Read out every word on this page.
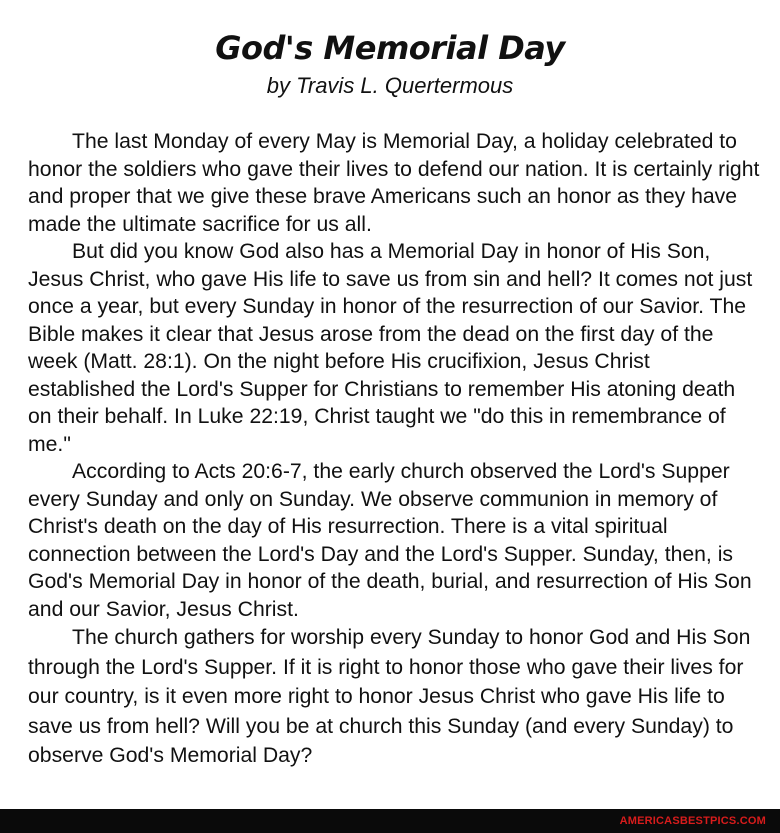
God's Memorial Day
by Travis L. Quertermous

The last Monday of every May is Memorial Day, a holiday celebrated to honor the soldiers who gave their lives to defend our nation. It is certainly right and proper that we give these brave Americans such an honor as they have made the ultimate sacrifice for us all.

But did you know God also has a Memorial Day in honor of His Son, Jesus Christ, who gave His life to save us from sin and hell? It comes not just once a year, but every Sunday in honor of the resurrection of our Savior. The Bible makes it clear that Jesus arose from the dead on the first day of the week (Matt. 28:1). On the night before His crucifixion, Jesus Christ established the Lord's Supper for Christians to remember His atoning death on their behalf. In Luke 22:19, Christ taught we "do this in remembrance of me."

According to Acts 20:6-7, the early church observed the Lord's Supper every Sunday and only on Sunday. We observe communion in memory of Christ's death on the day of His resurrection. There is a vital spiritual connection between the Lord's Day and the Lord's Supper. Sunday, then, is God's Memorial Day in honor of the death, burial, and resurrection of His Son and our Savior, Jesus Christ.

The church gathers for worship every Sunday to honor God and His Son through the Lord's Supper. If it is right to honor those who gave their lives for our country, is it even more right to honor Jesus Christ who gave His life to save us from hell? Will you be at church this Sunday (and every Sunday) to observe God's Memorial Day?

AMERICASBESTPICS.COM
